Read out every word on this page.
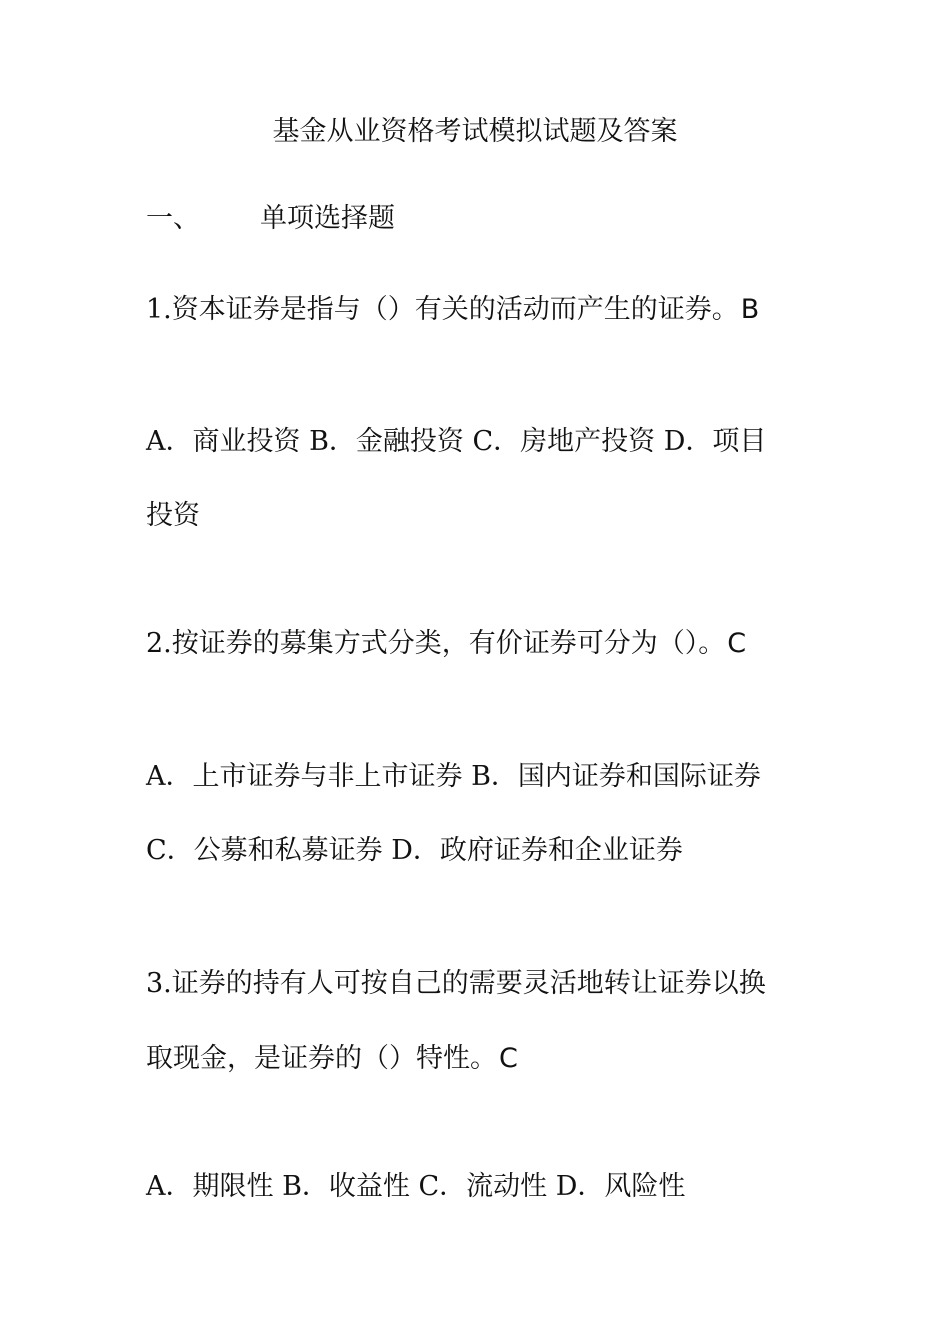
基金从业资格考试模拟试题及答案
一、 单项选择题
1.资本证券是指与（）有关的活动而产生的证券。B
A．商业投资 B．金融投资 C．房地产投资 D．项目
投资
2.按证券的募集方式分类，有价证券可分为（）。C
A．上市证券与非上市证券 B．国内证券和国际证券
C．公募和私募证券 D．政府证券和企业证券
3.证券的持有人可按自己的需要灵活地转让证券以换
取现金，是证券的（）特性。C
A．期限性 B．收益性 C．流动性 D．风险性
